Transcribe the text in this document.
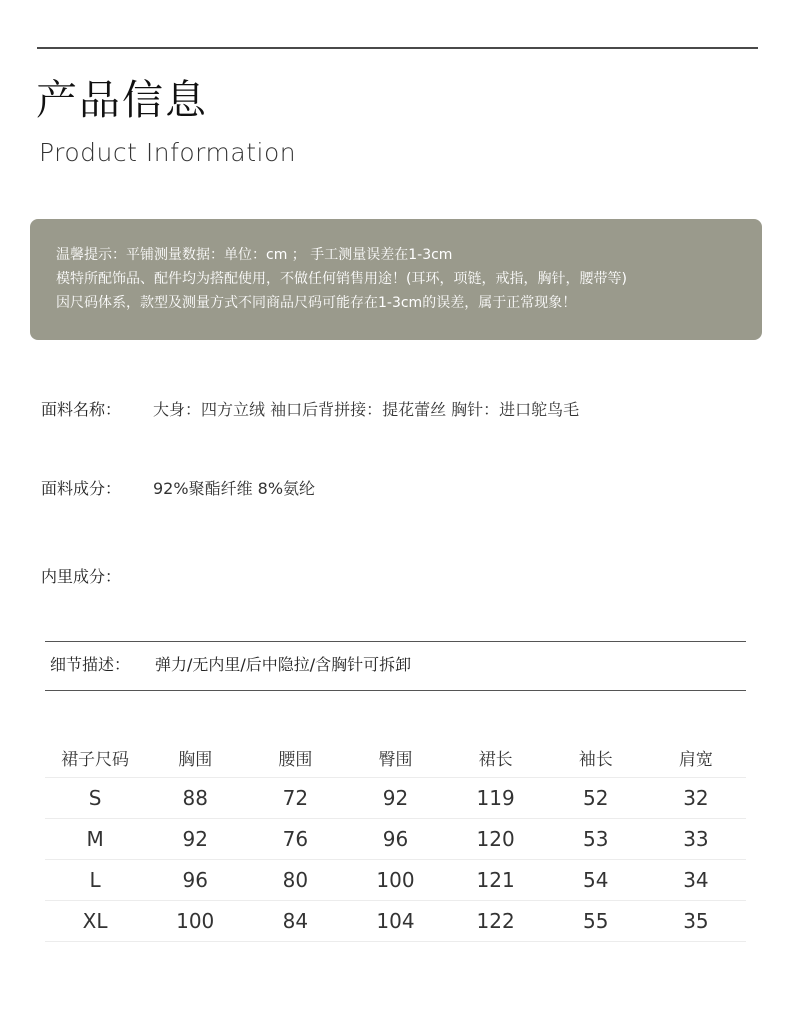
产品信息
Product Information
温馨提示：平铺测量数据：单位：cm ； 手工测量误差在1-3cm
模特所配饰品、配件均为搭配使用，不做任何销售用途！(耳环，项链，戒指，胸针，腰带等)
因尺码体系，款型及测量方式不同商品尺码可能存在1-3cm的误差，属于正常现象！
面料名称： 大身：四方立绒 袖口后背拼接：提花蕾丝 胸针：进口鸵鸟毛
面料成分： 92%聚酯纤维 8%氨纶
内里成分：
细节描述： 弹力/无内里/后中隐拉/含胸针可拆卸
裙子尺码	胸围	腰围	臀围	裙长	袖长	肩宽
S	88	72	92	119	52	32
M	92	76	96	120	53	33
L	96	80	100	121	54	34
XL	100	84	104	122	55	35
